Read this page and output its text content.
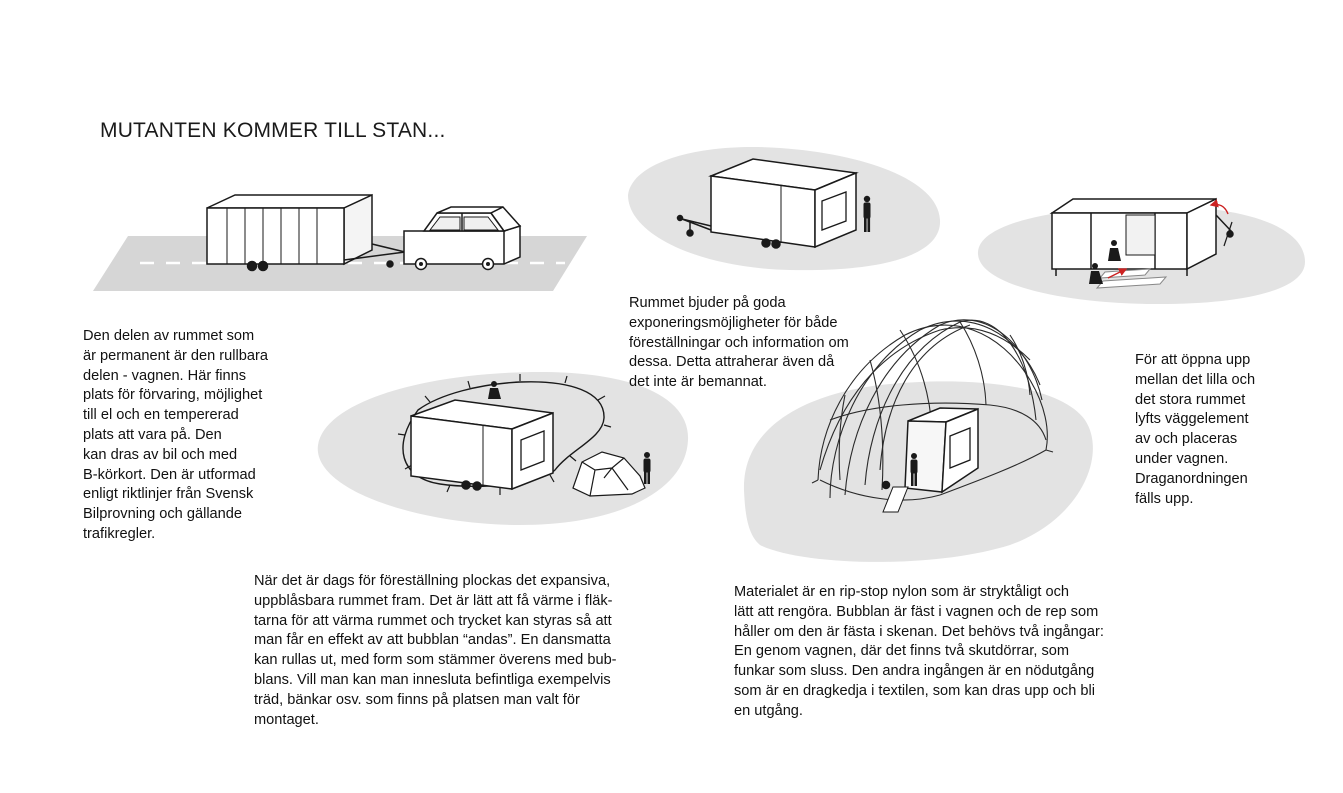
MUTANTEN KOMMER TILL STAN...
Den delen av rummet som
är permanent är den rullbara
delen - vagnen. Här finns
plats för förvaring, möjlighet
till el och en tempererad
plats att vara på. Den
kan dras av bil och med
B-körkort. Den är utformad
enligt riktlinjer från Svensk
Bilprovning och gällande
trafikregler.
Rummet bjuder på goda
exponeringsmöjligheter för både
föreställningar och information om
dessa. Detta attraherar även då
det inte är bemannat.
För att öppna upp
mellan det lilla och
det stora rummet
lyfts väggelement
av och placeras
under vagnen.
Draganordningen
fälls upp.
När det är dags för föreställning plockas det expansiva,
uppblåsbara rummet fram. Det är lätt att få värme i fläk-
tarna för att värma rummet och trycket kan styras så att
man får en effekt av att bubblan “andas”. En dansmatta
kan rullas ut, med form som stämmer överens med bub-
blans. Vill man kan man innesluta befintliga exempelvis
träd, bänkar osv. som finns på platsen man valt för
montaget.
Materialet är en rip-stop nylon som är stryktåligt och
lätt att rengöra. Bubblan är fäst i vagnen och de rep som
håller om den är fästa i skenan. Det behövs två ingångar:
En genom vagnen, där det finns två skutdörrar, som
funkar som sluss. Den andra ingången är en nödutgång
som är en dragkedja i textilen, som kan dras upp och bli
en utgång.
